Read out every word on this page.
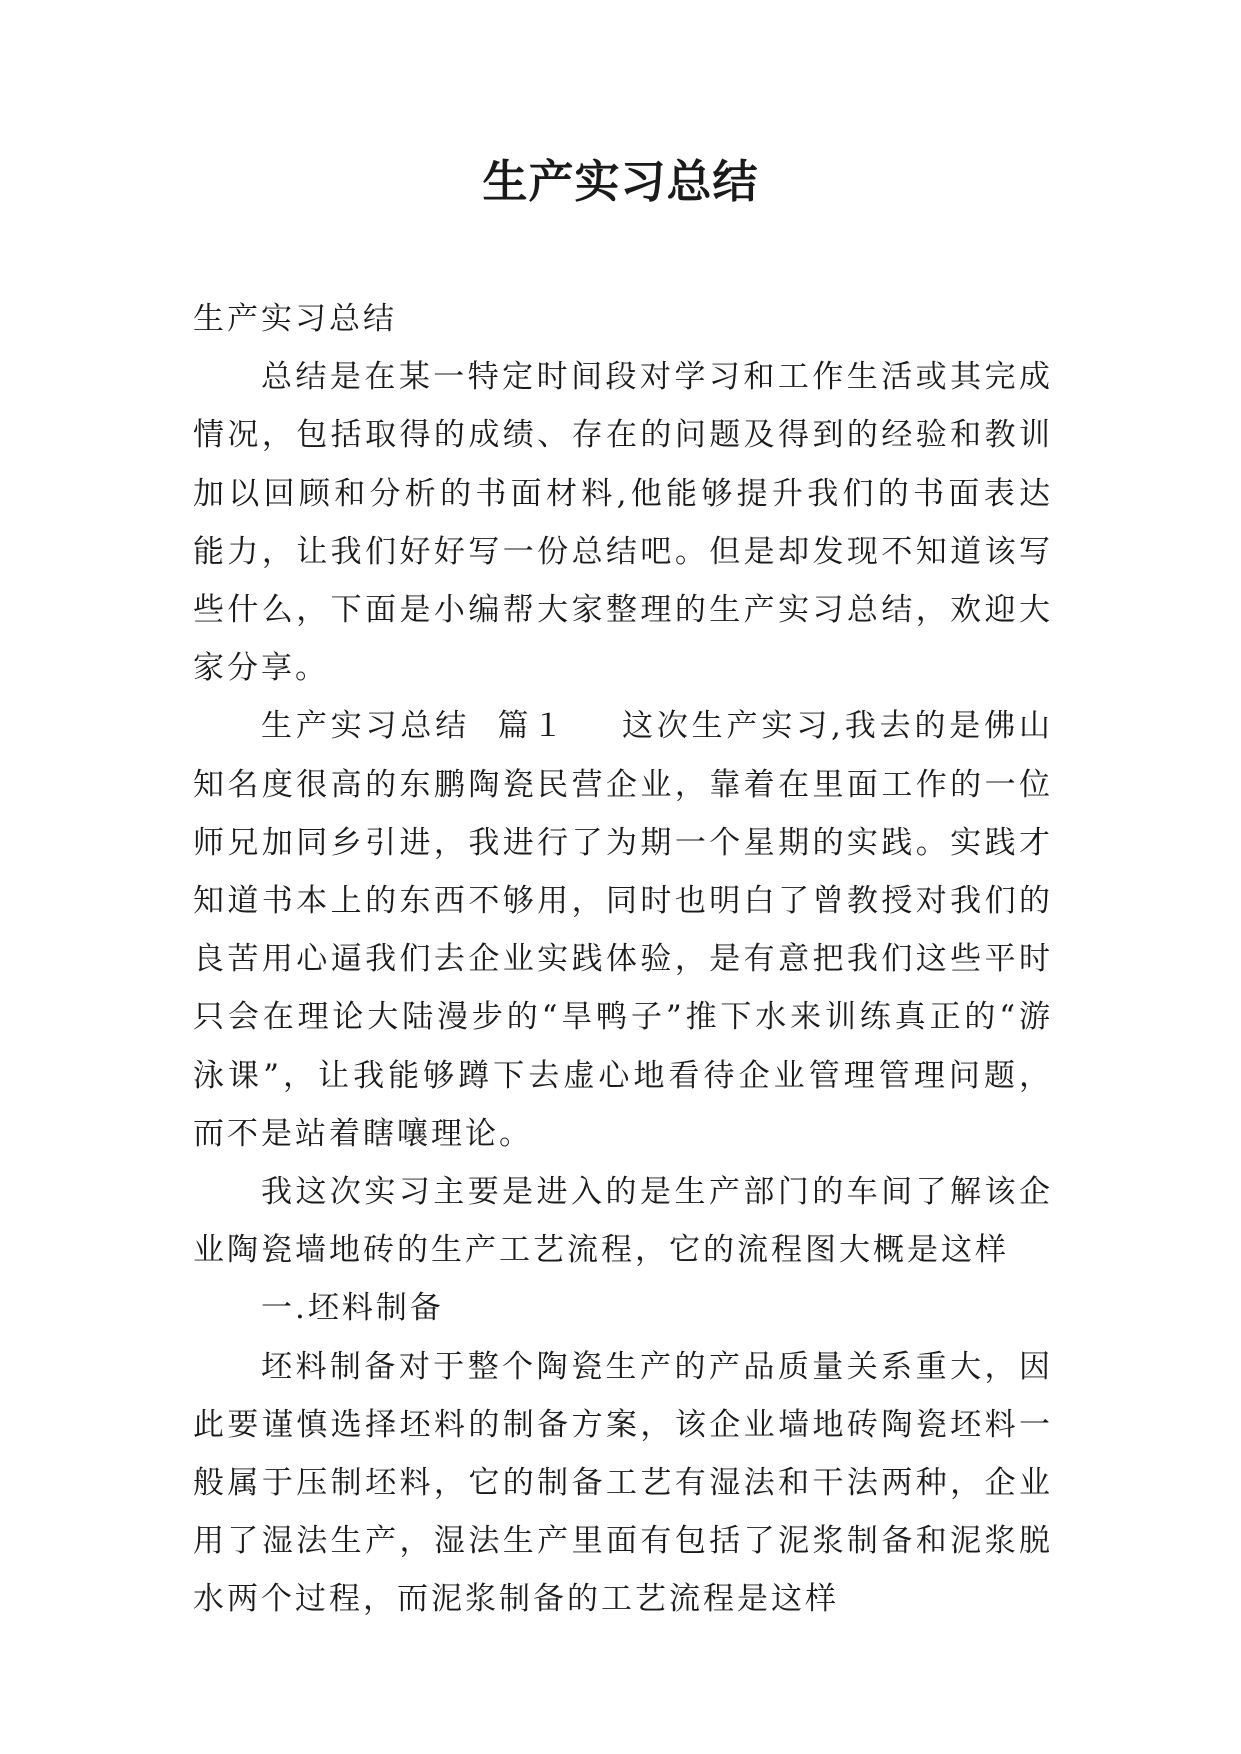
生产实习总结

生产实习总结

总结是在某一特定时间段对学习和工作生活或其完成情况，包括取得的成绩、存在的问题及得到的经验和教训加以回顾和分析的书面材料,他能够提升我们的书面表达能力，让我们好好写一份总结吧。但是却发现不知道该写些什么，下面是小编帮大家整理的生产实习总结，欢迎大家分享。

生产实习总结  篇１    这次生产实习,我去的是佛山知名度很高的东鹏陶瓷民营企业，靠着在里面工作的一位师兄加同乡引进，我进行了为期一个星期的实践。实践才知道书本上的东西不够用，同时也明白了曾教授对我们的良苦用心逼我们去企业实践体验，是有意把我们这些平时只会在理论大陆漫步的“旱鸭子”推下水来训练真正的“游泳课”，让我能够蹲下去虚心地看待企业管理管理问题，而不是站着瞎嚷理论。

我这次实习主要是进入的是生产部门的车间了解该企业陶瓷墙地砖的生产工艺流程，它的流程图大概是这样

一.坯料制备

坯料制备对于整个陶瓷生产的产品质量关系重大，因此要谨慎选择坯料的制备方案，该企业墙地砖陶瓷坯料一般属于压制坯料，它的制备工艺有湿法和干法两种，企业用了湿法生产，湿法生产里面有包括了泥浆制备和泥浆脱水两个过程，而泥浆制备的工艺流程是这样
